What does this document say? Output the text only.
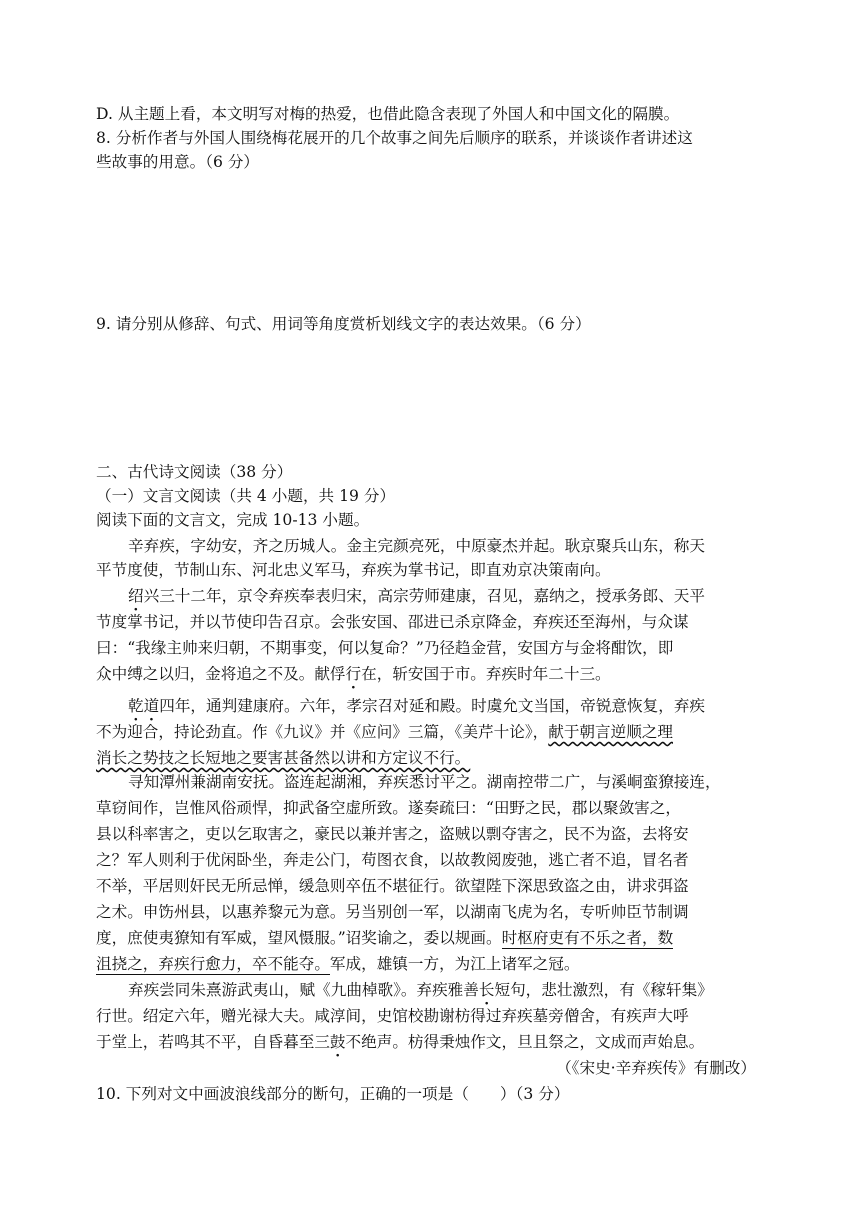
D. 从主题上看，本文明写对梅的热爱，也借此隐含表现了外国人和中国文化的隔膜。
8. 分析作者与外国人围绕梅花展开的几个故事之间先后顺序的联系，并谈谈作者讲述这
些故事的用意。（6 分）
9. 请分别从修辞、句式、用词等角度赏析划线文字的表达效果。（6 分）
二、古代诗文阅读（38 分）
（一）文言文阅读（共 4 小题，共 19 分）
阅读下面的文言文，完成 10-13 小题。
辛弃疾，字幼安，齐之历城人。金主完颜亮死，中原豪杰并起。耿京聚兵山东，称天
平节度使，节制山东、河北忠义军马，弃疾为掌书记，即直劝京决策南向。
绍兴三十二年，京令弃疾奉表归宋，高宗劳师建康，召见，嘉纳之，授承务郎、天平
节度掌书记，并以节使印告召京。会张安国、邵进已杀京降金，弃疾还至海州，与众谋
曰：“我缘主帅来归朝，不期事变，何以复命？”乃径趋金营，安国方与金将酣饮，即
众中缚之以归，金将追之不及。献俘行在，斩安国于市。弃疾时年二十三。
乾道四年，通判建康府。六年，孝宗召对延和殿。时虞允文当国，帝锐意恢复，弃疾
不为迎合，持论劲直。作《九议》并《应问》三篇，《美芹十论》，献于朝言逆顺之理
消长之势技之长短地之要害甚备然以讲和方定议不行。
寻知潭州兼湖南安抚。盗连起湖湘，弃疾悉讨平之。湖南控带二广，与溪峒蛮獠接连，
草窃间作，岂惟风俗顽悍，抑武备空虚所致。遂奏疏曰：“田野之民，郡以聚敛害之，
县以科率害之，吏以乞取害之，豪民以兼并害之，盗贼以剽夺害之，民不为盗，去将安
之？军人则利于优闲卧坐，奔走公门，苟图衣食，以故教阅废弛，逃亡者不追，冒名者
不举，平居则奸民无所忌惮，缓急则卒伍不堪征行。欲望陛下深思致盗之由，讲求弭盗
之术。申饬州县，以惠养黎元为意。另当别创一军，以湖南飞虎为名，专听帅臣节制调
度，庶使夷獠知有军威，望风慑服。”诏奖谕之，委以规画。时枢府吏有不乐之者，数
沮挠之，弃疾行愈力，卒不能夺。军成，雄镇一方，为江上诸军之冠。
弃疾尝同朱熹游武夷山，赋《九曲棹歌》。弃疾雅善长短句，悲壮激烈，有《稼轩集》
行世。绍定六年，赠光禄大夫。咸淳间，史馆校勘谢枋得过弃疾墓旁僧舍，有疾声大呼
于堂上，若鸣其不平，自昏暮至三鼓不绝声。枋得秉烛作文，旦且祭之，文成而声始息。
（《宋史·辛弃疾传》有删改）
10. 下列对文中画波浪线部分的断句，正确的一项是（　　）（3 分）
